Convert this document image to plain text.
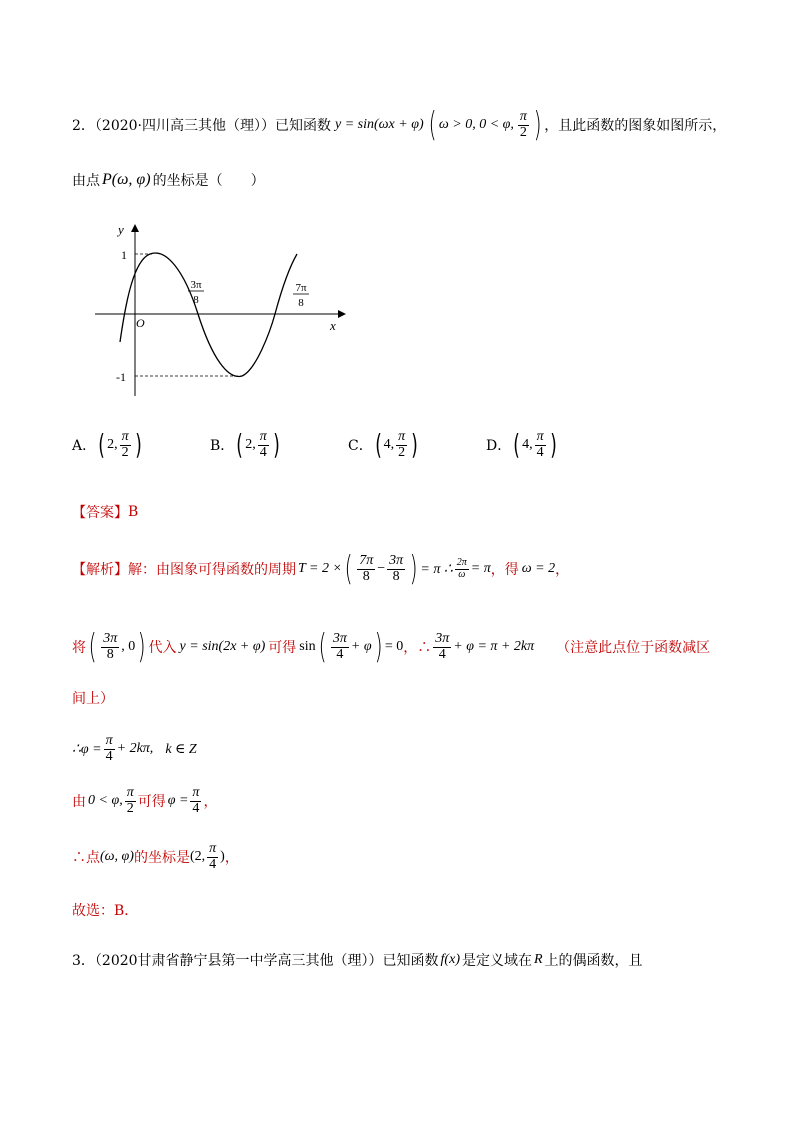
2．（2020·四川高三其他（理））已知函数 y = sin(ωx + φ) ( ω > 0, 0 < φ, $\frac{\pi}{2}$ ) ，且此函数的图象如图所示，
由点 P(ω, φ) 的坐标是（　　）
y
x
O
1
-1
3π
8
7π
8
A． ( 2 , $\frac{\pi}{2}$ )	B． ( 2 , $\frac{\pi}{4}$ )	C． ( 4 , $\frac{\pi}{2}$ )	D． ( 4 , $\frac{\pi}{4}$ )
【答案】 B
【解析】 解：由图象可得函数的周期 T = 2 × ( $\frac{7\pi}{8} - \frac{3\pi}{8}$ ) = π ∴ $\frac{2\pi}{\omega} = \pi$ ，得 ω = 2 ，
将 ( $\frac{3\pi}{8}$ , 0 ) 代入 y = sin(2x + φ) 可得 sin ( $\frac{3\pi}{4} + \varphi$ ) = 0 ，∴ $\frac{3\pi}{4} + \varphi = \pi + 2k\pi$ （注意此点位于函数减区
间上）
∴φ = $\frac{\pi}{4} + 2k\pi$, k ∈ Z
由 0 < φ, $\frac{\pi}{2}$ 可得 $\varphi = \frac{\pi}{4}$ ，
∴点 (ω, φ) 的坐标是 (2, $\frac{\pi}{4}$ ) ，
故选：B．
3．（2020甘肃省静宁县第一中学高三其他（理））已知函数 f(x) 是定义域在 R 上的偶函数，且
